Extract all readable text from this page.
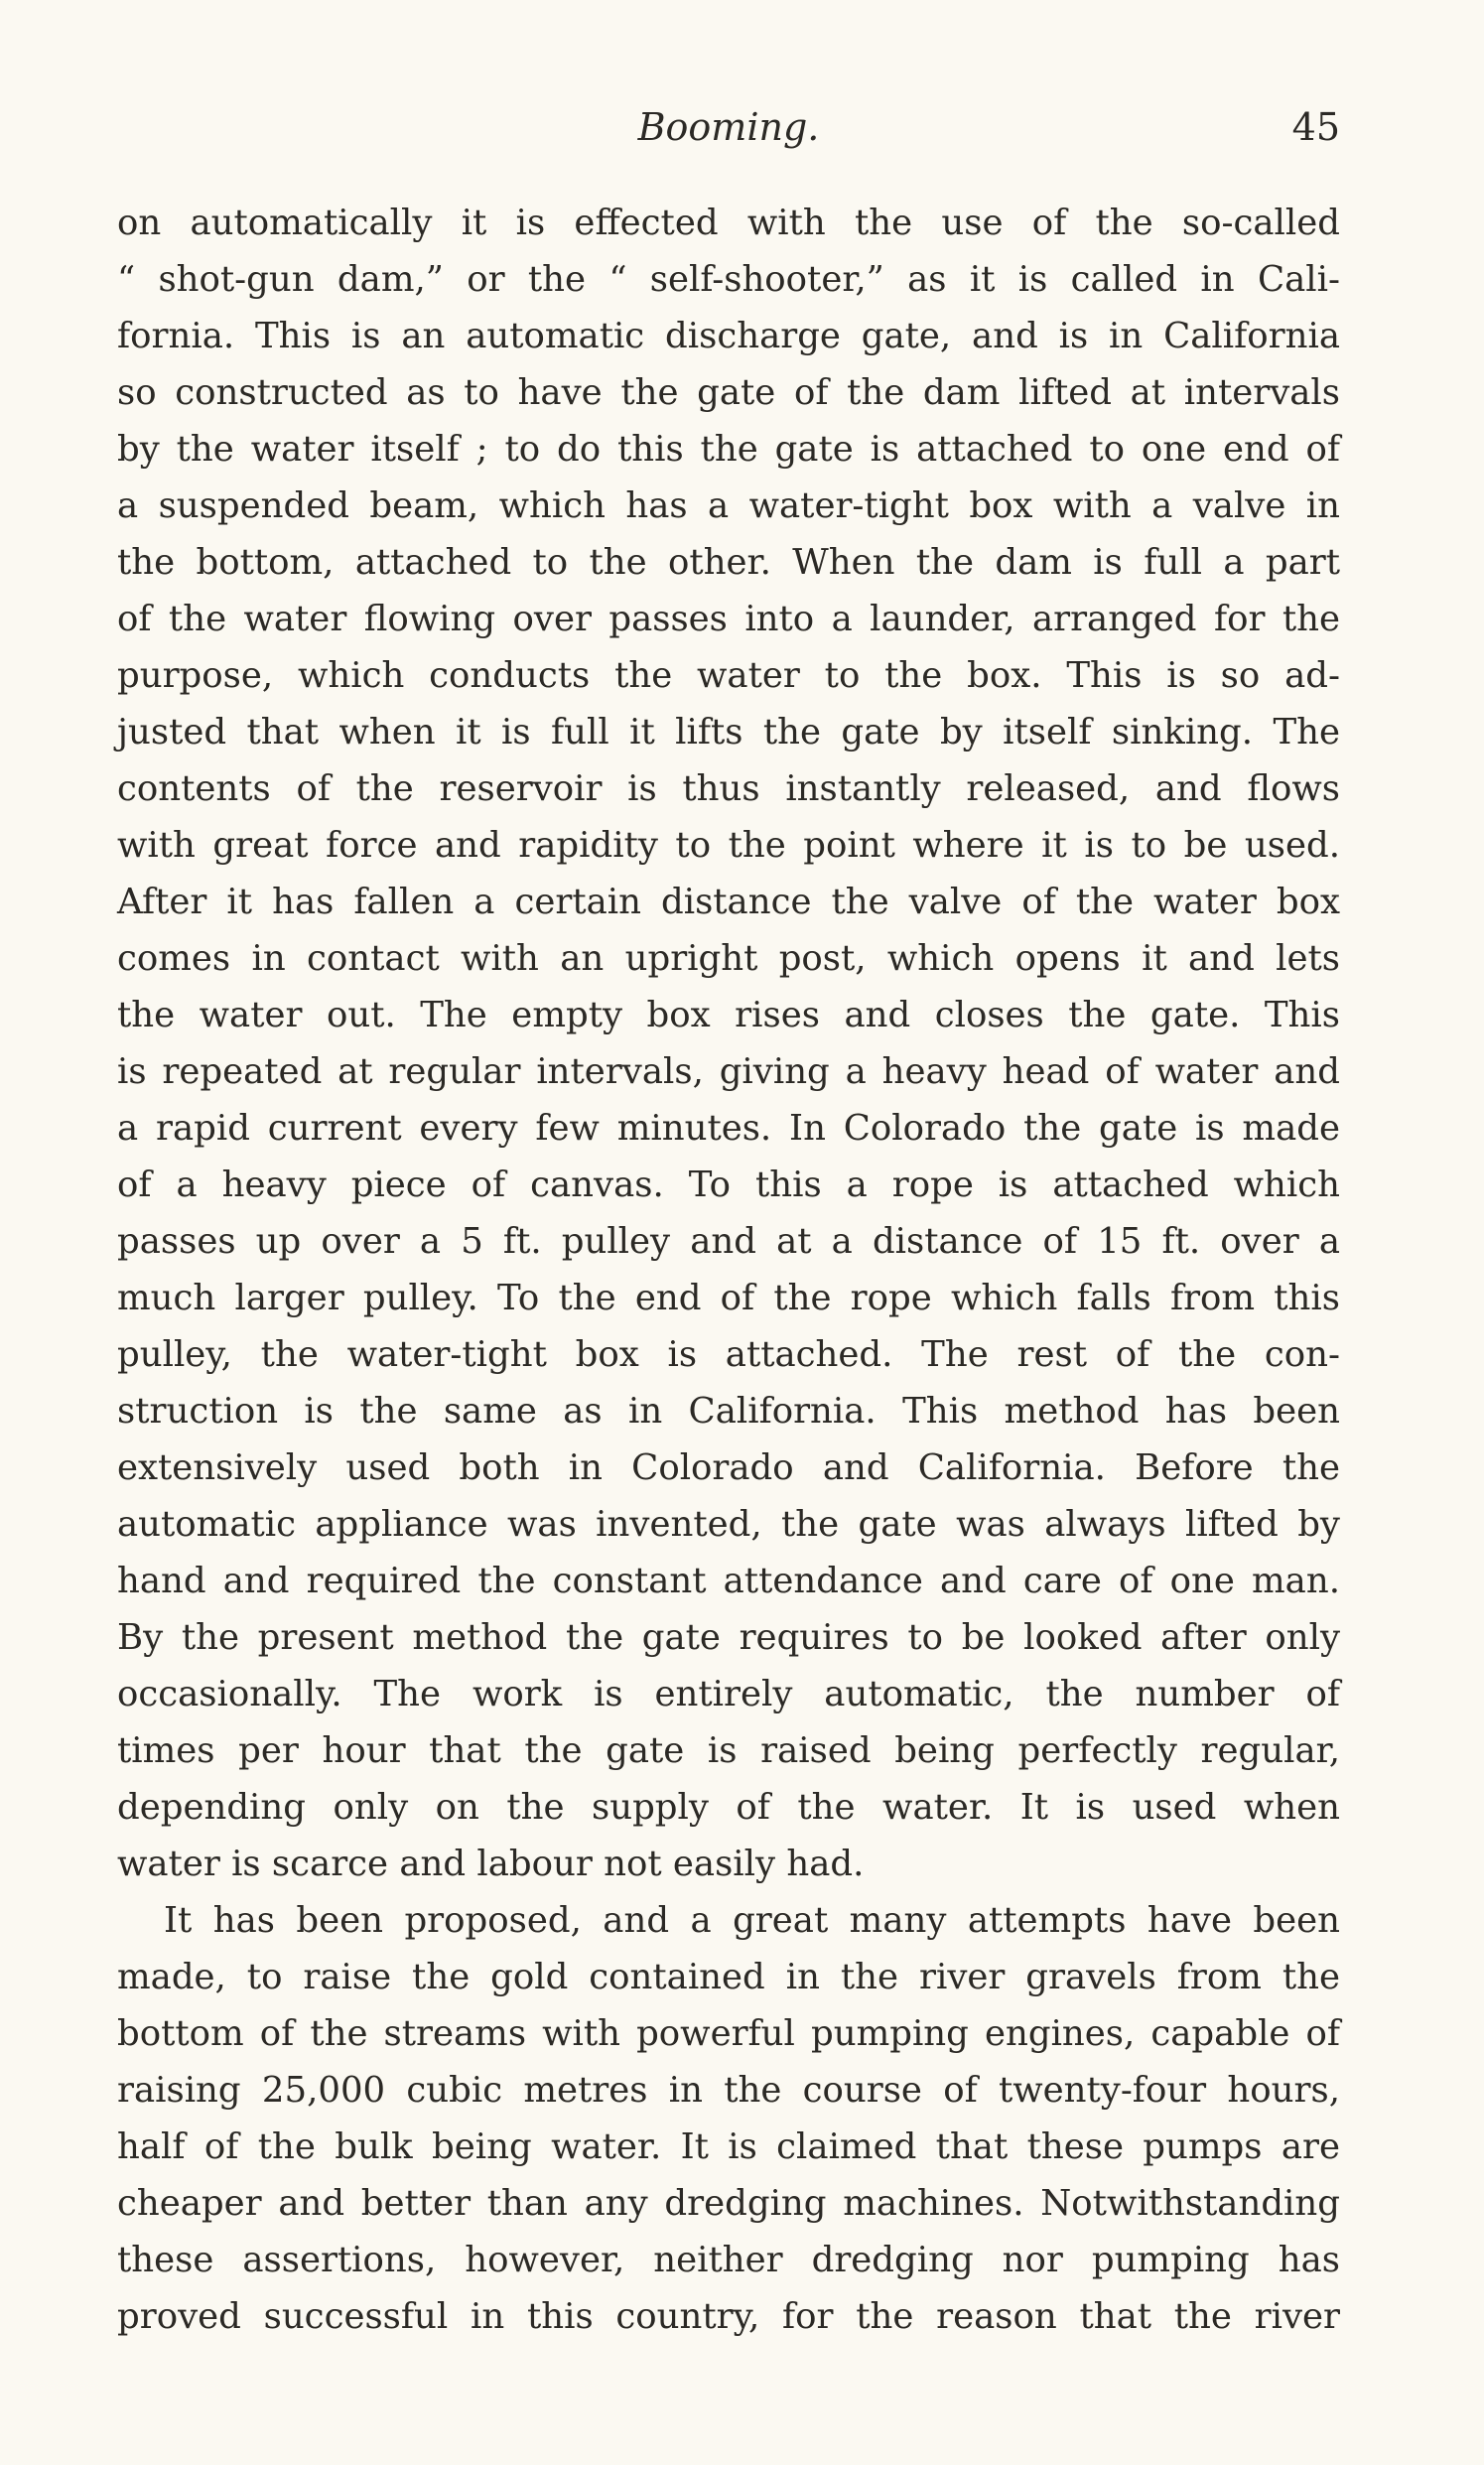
Booming.	45
on automatically it is effected with the use of the so-called
“ shot-gun dam,” or the “ self-shooter,” as it is called in Cali-
fornia. This is an automatic discharge gate, and is in California
so constructed as to have the gate of the dam lifted at intervals
by the water itself ; to do this the gate is attached to one end of
a suspended beam, which has a water-tight box with a valve in
the bottom, attached to the other. When the dam is full a part
of the water flowing over passes into a launder, arranged for the
purpose, which conducts the water to the box. This is so ad-
justed that when it is full it lifts the gate by itself sinking. The
contents of the reservoir is thus instantly released, and flows
with great force and rapidity to the point where it is to be used.
After it has fallen a certain distance the valve of the water box
comes in contact with an upright post, which opens it and lets
the water out. The empty box rises and closes the gate. This
is repeated at regular intervals, giving a heavy head of water and
a rapid current every few minutes. In Colorado the gate is made
of a heavy piece of canvas. To this a rope is attached which
passes up over a 5 ft. pulley and at a distance of 15 ft. over a
much larger pulley. To the end of the rope which falls from this
pulley, the water-tight box is attached. The rest of the con-
struction is the same as in California. This method has been
extensively used both in Colorado and California. Before the
automatic appliance was invented, the gate was always lifted by
hand and required the constant attendance and care of one man.
By the present method the gate requires to be looked after only
occasionally. The work is entirely automatic, the number of
times per hour that the gate is raised being perfectly regular,
depending only on the supply of the water. It is used when
water is scarce and labour not easily had.
It has been proposed, and a great many attempts have been
made, to raise the gold contained in the river gravels from the
bottom of the streams with powerful pumping engines, capable of
raising 25,000 cubic metres in the course of twenty-four hours,
half of the bulk being water. It is claimed that these pumps are
cheaper and better than any dredging machines. Notwithstanding
these assertions, however, neither dredging nor pumping has
proved successful in this country, for the reason that the river
